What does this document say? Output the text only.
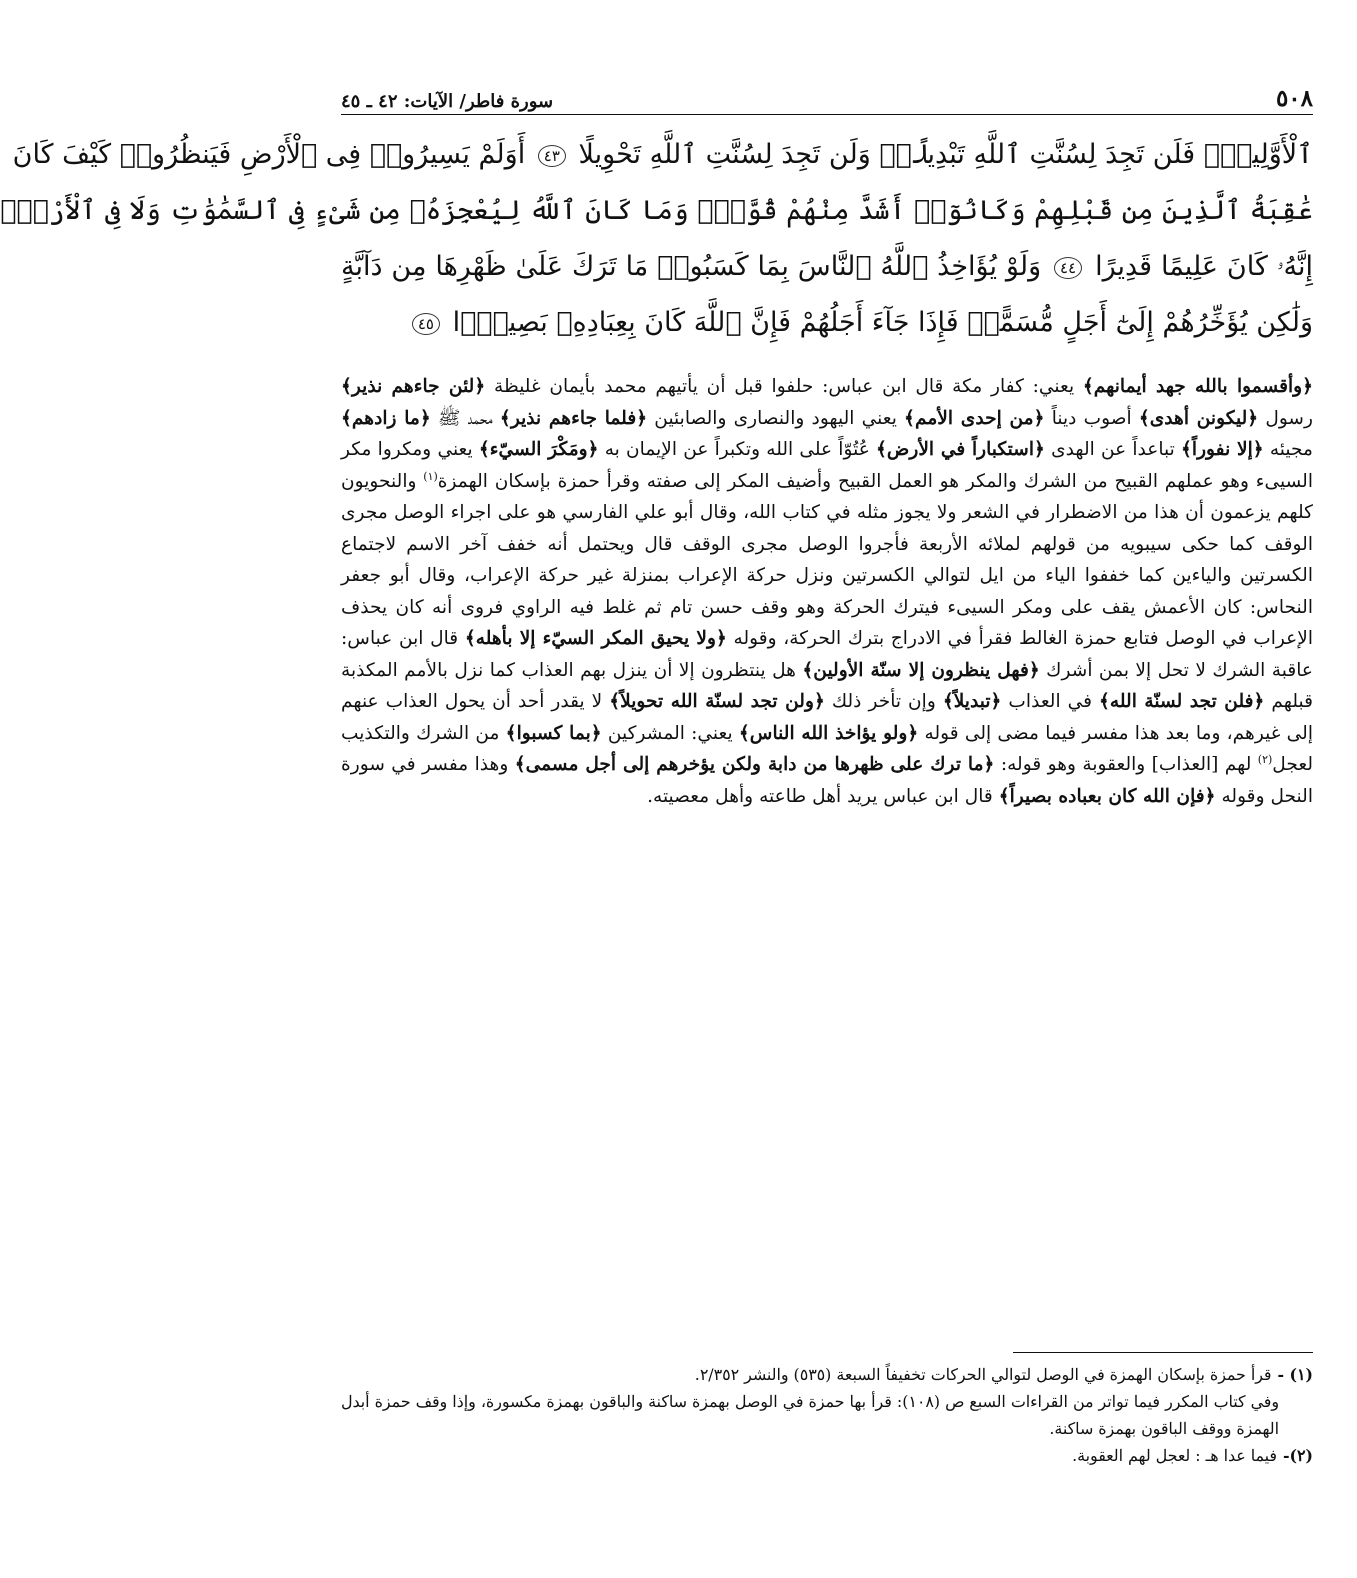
٥٠٨
سورة فاطر/ الآيات: ٤٢ ـ ٤٥
ٱلْأَوَّلِينَۚ فَلَن تَجِدَ لِسُنَّتِ ٱللَّهِ تَبْدِيلًاۖ وَلَن تَجِدَ لِسُنَّتِ ٱللَّهِ تَحْوِيلًا ٤٣ أَوَلَمْ يَسِيرُوا۟ فِى ٱلْأَرْضِ فَيَنظُرُوا۟ كَيْفَ كَانَ
عَٰقِبَةُ ٱلَّذِينَ مِن قَبْلِهِمْ وَكَانُوٓا۟ أَشَدَّ مِنْهُمْ قُوَّةًۚ وَمَا كَانَ ٱللَّهُ لِيُعْجِزَهُۥ مِن شَىْءٍ فِى ٱلسَّمَٰوَٰتِ وَلَا فِى ٱلْأَرْضِۚ
إِنَّهُۥ كَانَ عَلِيمًا قَدِيرًا ٤٤ وَلَوْ يُؤَاخِذُ ٱللَّهُ ٱلنَّاسَ بِمَا كَسَبُوا۟ مَا تَرَكَ عَلَىٰ ظَهْرِهَا مِن دَآبَّةٍ
وَلَٰكِن يُؤَخِّرُهُمْ إِلَىٰٓ أَجَلٍ مُّسَمًّىۖ فَإِذَا جَآءَ أَجَلُهُمْ فَإِنَّ ٱللَّهَ كَانَ بِعِبَادِهِۦ بَصِيرًۢا ٤٥
﴿وأقسموا بالله جهد أيمانهم﴾ يعني: كفار مكة قال ابن عباس: حلفوا قبل أن يأتيهم محمد بأيمان غليظة ﴿لئن جاءهم نذير﴾ رسول ﴿ليكونن أهدى﴾ أصوب ديناً ﴿من إحدى الأمم﴾ يعني اليهود والنصارى والصابئين ﴿فلما جاءهم نذير﴾ محمد ﷺ ﴿ما زادهم﴾ مجيئه ﴿إلا نفوراً﴾ تباعداً عن الهدى ﴿استكباراً في الأرض﴾ عُتُوّاً على الله وتكبراً عن الإيمان به ﴿ومَكْرَ السيّء﴾ يعني ومكروا مكر السيىء وهو عملهم القبيح من الشرك والمكر هو العمل القبيح وأضيف المكر إلى صفته وقرأ حمزة بإسكان الهمزة$^{(١)}$ والنحويون كلهم يزعمون أن هذا من الاضطرار في الشعر ولا يجوز مثله في كتاب الله، وقال أبو علي الفارسي هو على اجراء الوصل مجرى الوقف كما حكى سيبويه من قولهم لملائه الأربعة فأجروا الوصل مجرى الوقف قال ويحتمل أنه خفف آخر الاسم لاجتماع الكسرتين والياءين كما خففوا الياء من ايل لتوالي الكسرتين ونزل حركة الإعراب بمنزلة غير حركة الإعراب، وقال أبو جعفر النحاس: كان الأعمش يقف على ومكر السيىء فيترك الحركة وهو وقف حسن تام ثم غلط فيه الراوي فروى أنه كان يحذف الإعراب في الوصل فتابع حمزة الغالط فقرأ في الادراج بترك الحركة، وقوله ﴿ولا يحيق المكر السيّء إلا بأهله﴾ قال ابن عباس: عاقبة الشرك لا تحل إلا بمن أشرك ﴿فهل ينظرون إلا سنّة الأولين﴾ هل ينتظرون إلا أن ينزل بهم العذاب كما نزل بالأمم المكذبة قبلهم ﴿فلن تجد لسنّة الله﴾ في العذاب ﴿تبديلاً﴾ وإن تأخر ذلك ﴿ولن تجد لسنّة الله تحويلاً﴾ لا يقدر أحد أن يحول العذاب عنهم إلى غيرهم، وما بعد هذا مفسر فيما مضى إلى قوله ﴿ولو يؤاخذ الله الناس﴾ يعني: المشركين ﴿بما كسبوا﴾ من الشرك والتكذيب لعجل$^{(٢)}$ لهم [العذاب] والعقوبة وهو قوله: ﴿ما ترك على ظهرها من دابة ولكن يؤخرهم إلى أجل مسمى﴾ وهذا مفسر في سورة النحل وقوله ﴿فإن الله كان بعباده بصيراً﴾ قال ابن عباس يريد أهل طاعته وأهل معصيته.
(١) -قرأ حمزة بإسكان الهمزة في الوصل لتوالي الحركات تخفيفاً السبعة (٥٣٥) والنشر ٢/٣٥٢.
وفي كتاب المكرر فيما تواتر من القراءات السبع ص (١٠٨): قرأ بها حمزة في الوصل بهمزة ساكنة والباقون بهمزة مكسورة، وإذا وقف حمزة أبدل الهمزة ووقف الباقون بهمزة ساكنة.
(٢)-فيما عدا هـ : لعجل لهم العقوبة.
